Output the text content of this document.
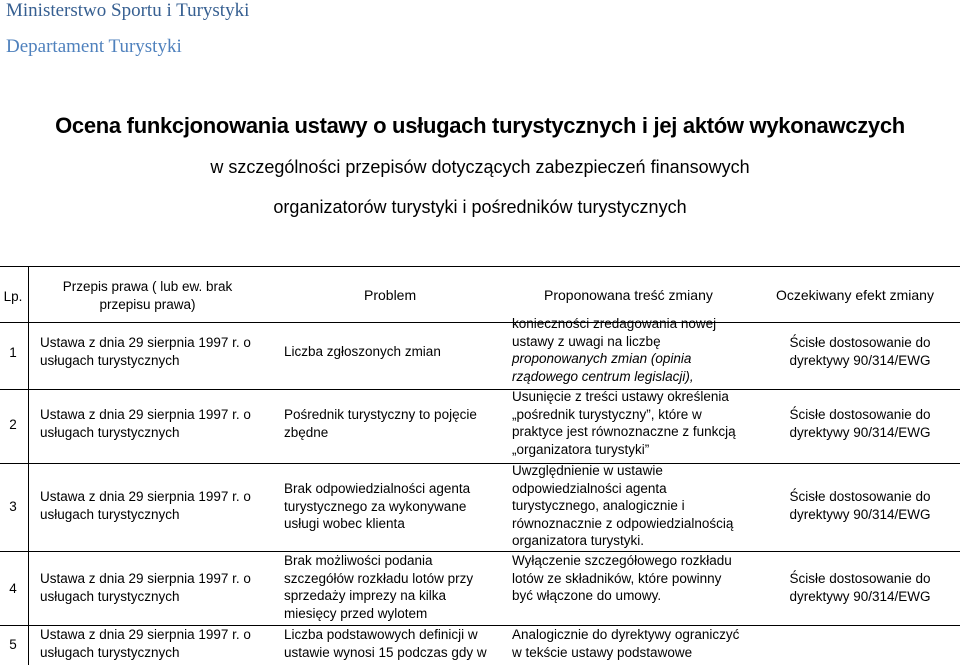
Ministerstwo Sportu i Turystyki
Departament Turystyki
Ocena funkcjonowania ustawy o usługach turystycznych i jej aktów wykonawczych
w szczególności przepisów dotyczących zabezpieczeń finansowych
organizatorów turystyki i pośredników turystycznych
Lp.
Przepis prawa ( lub ew. brak
przepisu prawa)
Problem	Proponowana treść zmiany	Oczekiwany efekt zmiany
1
Ustawa z dnia 29 sierpnia 1997 r. o
usługach turystycznych
Liczba zgłoszonych zmian
konieczności zredagowania nowej
ustawy z uwagi na liczbę
proponowanych zmian (opinia
rządowego centrum legislacji),
Ścisłe dostosowanie do
dyrektywy 90/314/EWG
2
Ustawa z dnia 29 sierpnia 1997 r. o
usługach turystycznych
Pośrednik turystyczny to pojęcie
zbędne
Usunięcie z treści ustawy określenia
„pośrednik turystyczny”, które w
praktyce jest równoznaczne z funkcją
„organizatora turystyki”
Ścisłe dostosowanie do
dyrektywy 90/314/EWG
3
Ustawa z dnia 29 sierpnia 1997 r. o
usługach turystycznych
Brak odpowiedzialności agenta
turystycznego za wykonywane
usługi wobec klienta
Uwzględnienie w ustawie
odpowiedzialności agenta
turystycznego, analogicznie i
równoznacznie z odpowiedzialnością
organizatora turystyki.
Ścisłe dostosowanie do
dyrektywy 90/314/EWG
4
Ustawa z dnia 29 sierpnia 1997 r. o
usługach turystycznych
Brak możliwości podania
szczegółów rozkładu lotów przy
sprzedaży imprezy na kilka
miesięcy przed wylotem
Wyłączenie szczegółowego rozkładu
lotów ze składników, które powinny
być włączone do umowy.
Ścisłe dostosowanie do
dyrektywy 90/314/EWG
5
Ustawa z dnia 29 sierpnia 1997 r. o
usługach turystycznych
Liczba podstawowych definicji w
ustawie wynosi 15 podczas gdy w
Analogicznie do dyrektywy ograniczyć
w tekście ustawy podstawowe
